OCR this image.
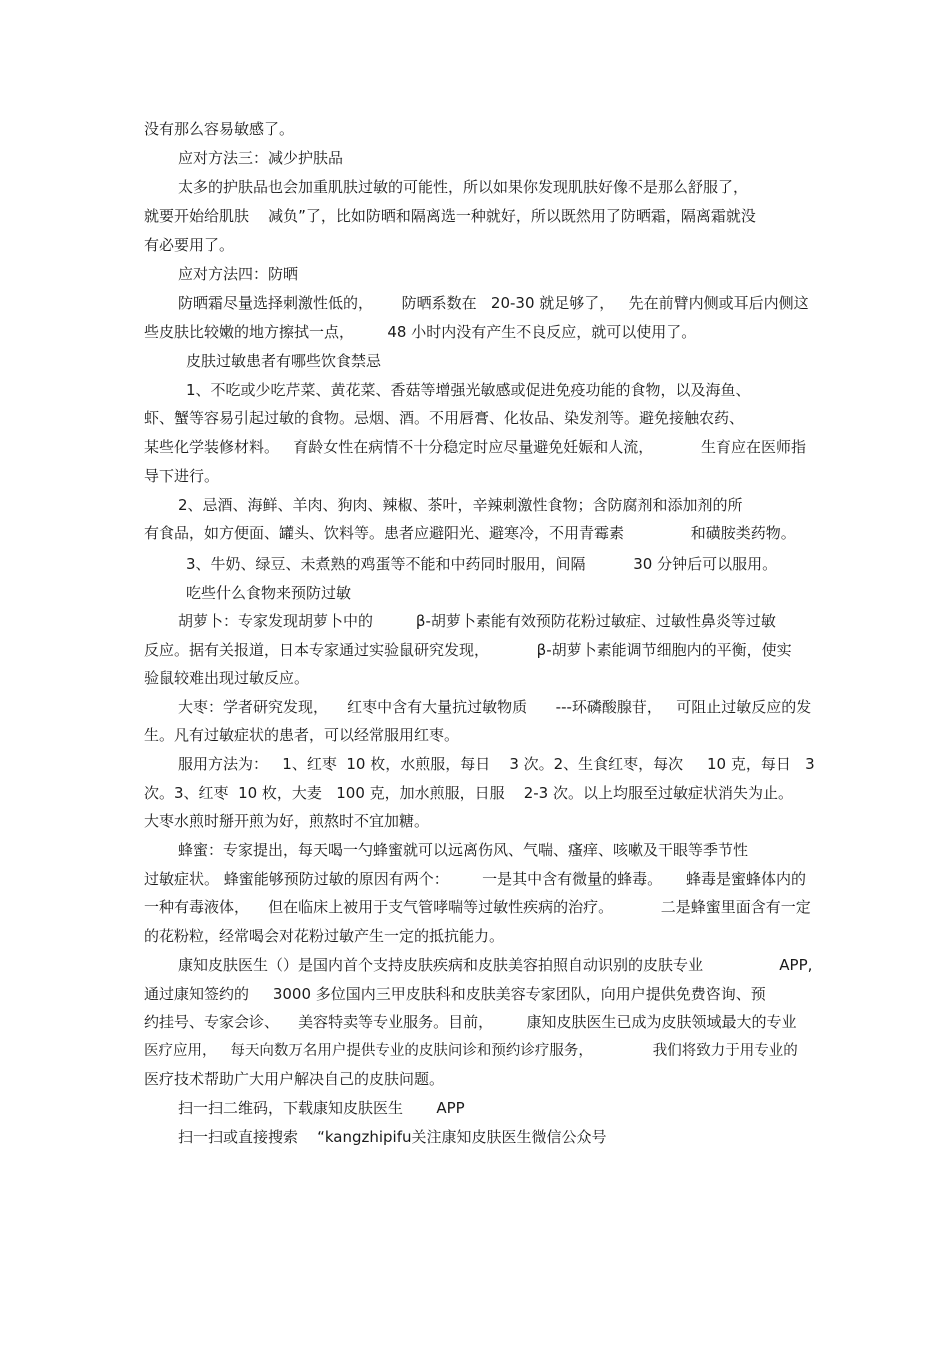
没有那么容易敏感了。
应对方法三：减少护肤品
太多的护肤品也会加重肌肤过敏的可能性，所以如果你发现肌肤好像不是那么舒服了，
就要开始给肌肤    减负”了，比如防晒和隔离选一种就好，所以既然用了防晒霜，隔离霜就没
有必要用了。
应对方法四：防晒
防晒霜尽量选择刺激性低的，      防晒系数在   20-30 就足够了，   先在前臂内侧或耳后内侧这
些皮肤比较嫩的地方擦拭一点，       48 小时内没有产生不良反应，就可以使用了。
皮肤过敏患者有哪些饮食禁忌
1、不吃或少吃芹菜、黄花菜、香菇等增强光敏感或促进免疫功能的食物，以及海鱼、
虾、蟹等容易引起过敏的食物。忌烟、酒。不用唇膏、化妆品、染发剂等。避免接触农药、
某些化学装修材料。   育龄女性在病情不十分稳定时应尽量避免妊娠和人流，          生育应在医师指
导下进行。
2、忌酒、海鲜、羊肉、狗肉、辣椒、茶叶，辛辣刺激性食物；含防腐剂和添加剂的所
有食品，如方便面、罐头、饮料等。患者应避阳光、避寒冷，不用青霉素              和磺胺类药物。
3、牛奶、绿豆、未煮熟的鸡蛋等不能和中药同时服用，间隔          30 分钟后可以服用。
吃些什么食物来预防过敏
胡萝卜：专家发现胡萝卜中的         β-胡萝卜素能有效预防花粉过敏症、过敏性鼻炎等过敏
反应。据有关报道，日本专家通过实验鼠研究发现，          β-胡萝卜素能调节细胞内的平衡，使实
验鼠较难出现过敏反应。
大枣：学者研究发现，    红枣中含有大量抗过敏物质      ---环磷酸腺苷，   可阻止过敏反应的发
生。凡有过敏症状的患者，可以经常服用红枣。
服用方法为：   1、红枣  10 枚，水煎服，每日    3 次。2、生食红枣，每次     10 克，每日   3
次。3、红枣  10 枚，大麦   100 克，加水煎服，日服    2-3 次。以上均服至过敏症状消失为止。
大枣水煎时掰开煎为好，煎熬时不宜加糖。
蜂蜜：专家提出，每天喝一勺蜂蜜就可以远离伤风、气喘、瘙痒、咳嗽及干眼等季节性
过敏症状。 蜂蜜能够预防过敏的原因有两个：       一是其中含有微量的蜂毒。     蜂毒是蜜蜂体内的
一种有毒液体，    但在临床上被用于支气管哮喘等过敏性疾病的治疗。          二是蜂蜜里面含有一定
的花粉粒，经常喝会对花粉过敏产生一定的抵抗能力。
康知皮肤医生（）是国内首个支持皮肤疾病和皮肤美容拍照自动识别的皮肤专业                APP,
通过康知签约的     3000 多位国内三甲皮肤科和皮肤美容专家团队，向用户提供免费咨询、预
约挂号、专家会诊、    美容特卖等专业服务。目前，       康知皮肤医生已成为皮肤领域最大的专业
医疗应用，   每天向数万名用户提供专业的皮肤问诊和预约诊疗服务，             我们将致力于用专业的
医疗技术帮助广大用户解决自己的皮肤问题。
扫一扫二维码，下载康知皮肤医生       APP
扫一扫或直接搜索    “kangzhipifu关注康知皮肤医生微信公众号
